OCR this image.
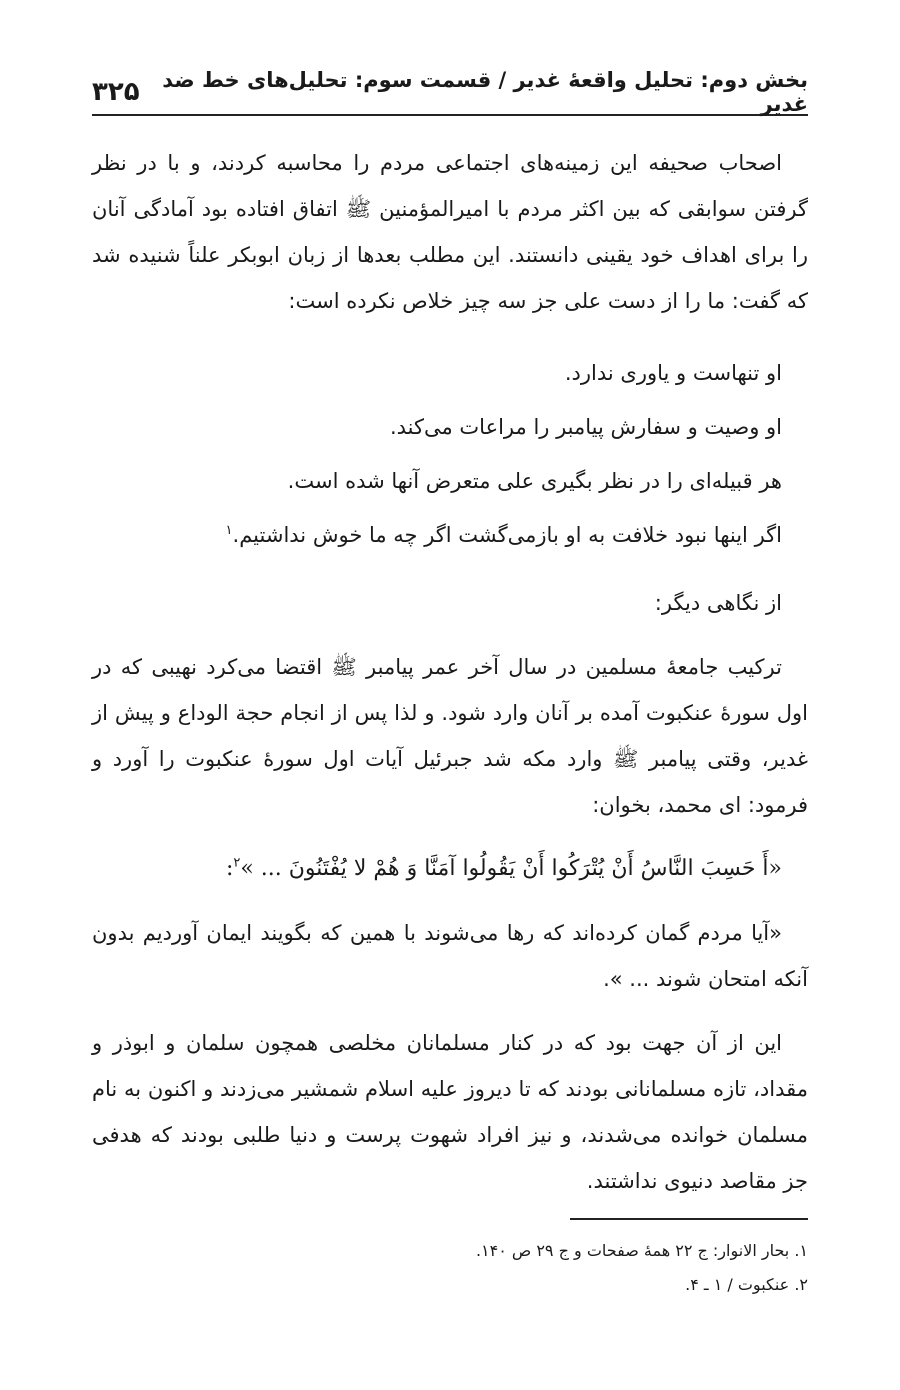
بخش دوم: تحلیل واقعهٔ غدیر / قسمت سوم: تحلیل‌های خط ضد غدیر
۳۲۵

اصحاب صحیفه این زمینه‌های اجتماعی مردم را محاسبه کردند، و با در نظر گرفتن سوابقی که بین اکثر مردم با امیرالمؤمنین ﷺ اتفاق افتاده بود آمادگی آنان را برای اهداف خود یقینی دانستند. این مطلب بعدها از زبان ابوبکر علناً شنیده شد که گفت: ما را از دست علی جز سه چیز خلاص نکرده است:

او تنهاست و یاوری ندارد.

او وصیت و سفارش پیامبر را مراعات می‌کند.

هر قبیله‌ای را در نظر بگیری علی متعرض آنها شده است.

اگر اینها نبود خلافت به او بازمی‌گشت اگر چه ما خوش نداشتیم.$^۱$

از نگاهی دیگر:

ترکیب جامعهٔ مسلمین در سال آخر عمر پیامبر ﷺ اقتضا می‌کرد نهیبی که در اول سورهٔ عنکبوت آمده بر آنان وارد شود. و لذا پس از انجام حجة الوداع و پیش از غدیر، وقتی پیامبر ﷺ وارد مکه شد جبرئیل آیات اول سورهٔ عنکبوت را آورد و فرمود: ای محمد، بخوان:

«أَ حَسِبَ النَّاسُ أَنْ يُتْرَكُوا أَنْ يَقُولُوا آمَنَّا وَ هُمْ لا يُفْتَنُونَ ... »$^۲$:

«آیا مردم گمان کرده‌اند که رها می‌شوند با همین که بگویند ایمان آوردیم بدون آنکه امتحان شوند ... ».

این از آن جهت بود که در کنار مسلمانان مخلصی همچون سلمان و ابوذر و مقداد، تازه مسلمانانی بودند که تا دیروز علیه اسلام شمشیر می‌زدند و اکنون به نام مسلمان خوانده می‌شدند، و نیز افراد شهوت پرست و دنیا طلبی بودند که هدفی جز مقاصد دنیوی نداشتند.

۱. بحار الانوار: ج ۲۲ همهٔ صفحات و ج ۲۹ ص ۱۴۰.

۲. عنکبوت / ۱ ـ ۴.
